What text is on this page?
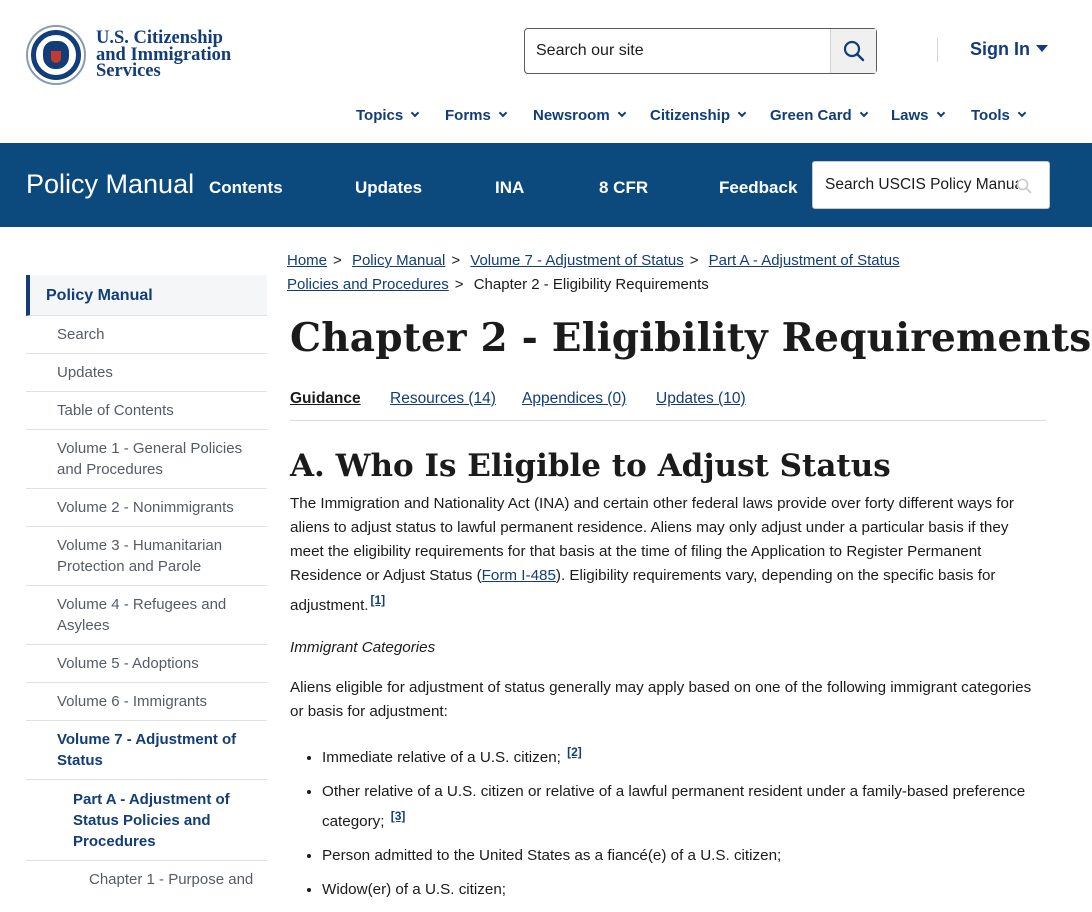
U.S. Citizenship
and Immigration
Services
Search our site
Sign In
Topics	Forms	Newsroom	Citizenship	Green Card	Laws	Tools
Policy Manual Contents	Updates	INA	8 CFR	Feedback
Search USCIS Policy Manual
Policy Manual
Search
Updates
Table of Contents
Volume 1 - General Policies and Procedures
Volume 2 - Nonimmigrants
Volume 3 - Humanitarian Protection and Parole
Volume 4 - Refugees and Asylees
Volume 5 - Adoptions
Volume 6 - Immigrants
Volume 7 - Adjustment of Status
Part A - Adjustment of Status Policies and Procedures
Chapter 1 - Purpose and
Home > Policy Manual > Volume 7 - Adjustment of Status > Part A - Adjustment of Status
Policies and Procedures > Chapter 2 - Eligibility Requirements
Chapter 2 - Eligibility Requirements
Guidance Resources (14) Appendices (0) Updates (10)
A. Who Is Eligible to Adjust Status

The Immigration and Nationality Act (INA) and certain other federal laws provide over forty different ways for aliens to adjust status to lawful permanent residence. Aliens may only adjust under a particular basis if they meet the eligibility requirements for that basis at the time of filing the Application to Register Permanent Residence or Adjust Status (Form I-485). Eligibility requirements vary, depending on the specific basis for adjustment. [1]

Immigrant Categories

Aliens eligible for adjustment of status generally may apply based on one of the following immigrant categories or basis for adjustment:

• Immediate relative of a U.S. citizen; [2]
• Other relative of a U.S. citizen or relative of a lawful permanent resident under a family-based preference category; [3]
• Person admitted to the United States as a fiancé(e) of a U.S. citizen;
• Widow(er) of a U.S. citizen;
